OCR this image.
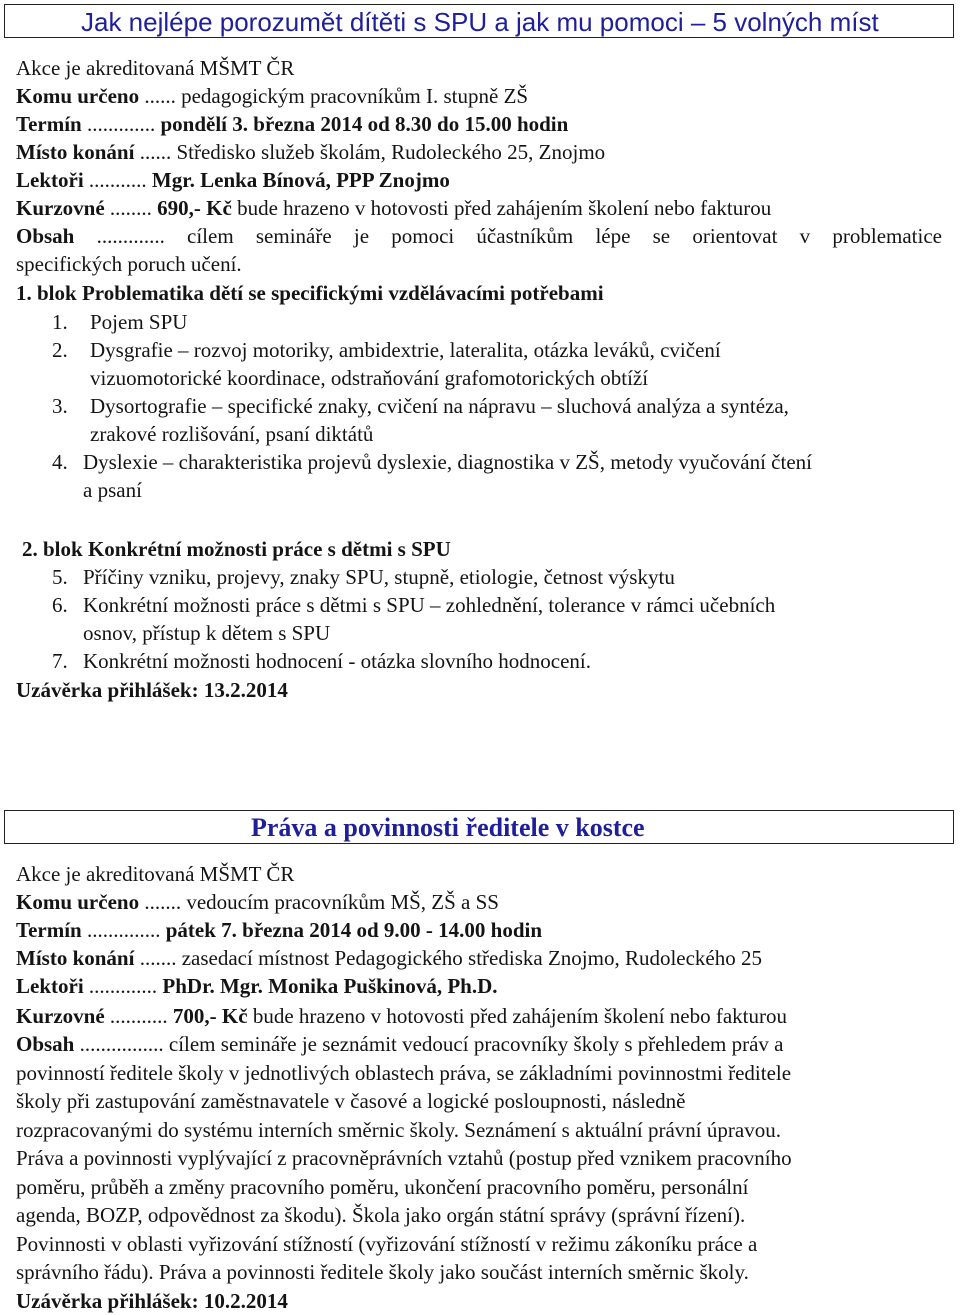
Jak nejlépe porozumět dítěti s SPU a jak mu pomoci – 5 volných míst
Akce je akreditovaná MŠMT ČR
Komu určeno ...... pedagogickým pracovníkům I. stupně ZŠ
Termín ............. pondělí 3. března 2014 od 8.30 do 15.00 hodin
Místo konání ...... Středisko služeb školám, Rudoleckého 25, Znojmo
Lektoři ........... Mgr. Lenka Bínová, PPP Znojmo
Kurzovné ........ 690,- Kč bude hrazeno v hotovosti před zahájením školení nebo fakturou
Obsah ............. cílem semináře je pomoci účastníkům lépe se orientovat v problematice
specifických poruch učení.
1. blok Problematika dětí se specifickými vzdělávacími potřebami
1. Pojem SPU
2. Dysgrafie – rozvoj motoriky, ambidextrie, lateralita, otázka leváků, cvičení
vizuomotorické koordinace, odstraňování grafomotorických obtíží
3. Dysortografie – specifické znaky, cvičení na nápravu – sluchová analýza a syntéza,
zrakové rozlišování, psaní diktátů
4. Dyslexie – charakteristika projevů dyslexie, diagnostika v ZŠ, metody vyučování čtení
a psaní
2. blok Konkrétní možnosti práce s dětmi s SPU
5. Příčiny vzniku, projevy, znaky SPU, stupně, etiologie, četnost výskytu
6. Konkrétní možnosti práce s dětmi s SPU – zohlednění, tolerance v rámci učebních
osnov, přístup k dětem s SPU
7. Konkrétní možnosti hodnocení - otázka slovního hodnocení.
Uzávěrka přihlášek: 13.2.2014
Práva a povinnosti ředitele v kostce
Akce je akreditovaná MŠMT ČR
Komu určeno ....... vedoucím pracovníkům MŠ, ZŠ a SS
Termín .............. pátek 7. března 2014 od 9.00 - 14.00 hodin
Místo konání ....... zasedací místnost Pedagogického střediska Znojmo, Rudoleckého 25
Lektoři ............. PhDr. Mgr. Monika Puškinová, Ph.D.
Kurzovné ........... 700,- Kč bude hrazeno v hotovosti před zahájením školení nebo fakturou
Obsah ................ cílem semináře je seznámit vedoucí pracovníky školy s přehledem práv a
povinností ředitele školy v jednotlivých oblastech práva, se základními povinnostmi ředitele
školy při zastupování zaměstnavatele v časové a logické posloupnosti, následně
rozpracovanými do systému interních směrnic školy. Seznámení s aktuální právní úpravou.
Práva a povinnosti vyplývající z pracovněprávních vztahů (postup před vznikem pracovního
poměru, průběh a změny pracovního poměru, ukončení pracovního poměru, personální
agenda, BOZP, odpovědnost za škodu). Škola jako orgán státní správy (správní řízení).
Povinnosti v oblasti vyřizování stížností (vyřizování stížností v režimu zákoníku práce a
správního řádu). Práva a povinnosti ředitele školy jako součást interních směrnic školy.
Uzávěrka přihlášek: 10.2.2014
